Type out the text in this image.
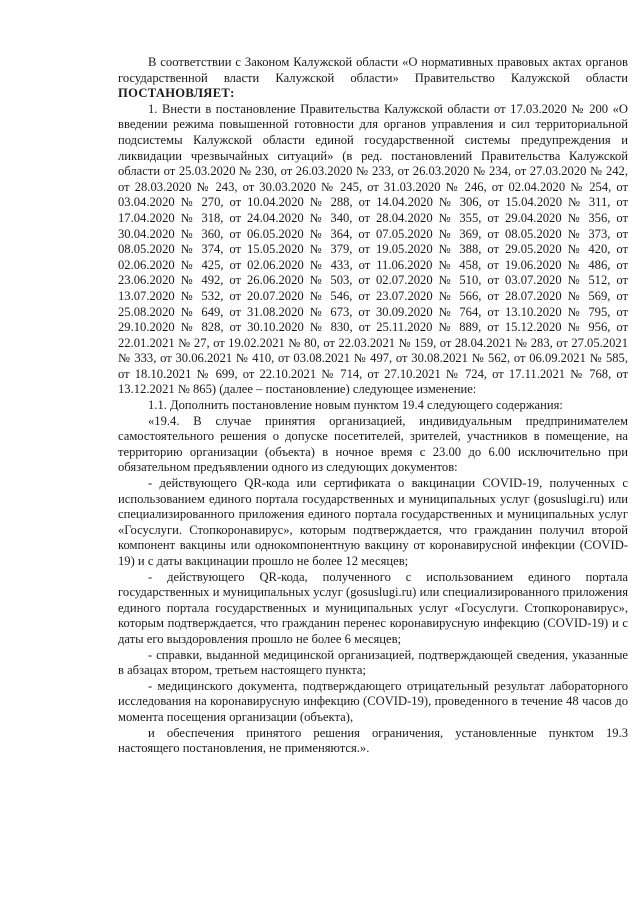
В соответствии с Законом Калужской области «О нормативных правовых актах органов государственной власти Калужской области» Правительство Калужской области ПОСТАНОВЛЯЕТ:

1. Внести в постановление Правительства Калужской области от 17.03.2020 № 200 «О введении режима повышенной готовности для органов управления и сил территориальной подсистемы Калужской области единой государственной системы предупреждения и ликвидации чрезвычайных ситуаций» (в ред. постановлений Правительства Калужской области от 25.03.2020 № 230, от 26.03.2020 № 233, от 26.03.2020 № 234, от 27.03.2020 № 242, от 28.03.2020 № 243, от 30.03.2020 № 245, от 31.03.2020 № 246, от 02.04.2020 № 254, от 03.04.2020 № 270, от 10.04.2020 № 288, от 14.04.2020 № 306, от 15.04.2020 № 311, от 17.04.2020 № 318, от 24.04.2020 № 340, от 28.04.2020 № 355, от 29.04.2020 № 356, от 30.04.2020 № 360, от 06.05.2020 № 364, от 07.05.2020 № 369, от 08.05.2020 № 373, от 08.05.2020 № 374, от 15.05.2020 № 379, от 19.05.2020 № 388, от 29.05.2020 № 420, от 02.06.2020 № 425, от 02.06.2020 № 433, от 11.06.2020 № 458, от 19.06.2020 № 486, от 23.06.2020 № 492, от 26.06.2020 № 503, от 02.07.2020 № 510, от 03.07.2020 № 512, от 13.07.2020 № 532, от 20.07.2020 № 546, от 23.07.2020 № 566, от 28.07.2020 № 569, от 25.08.2020 № 649, от 31.08.2020 № 673, от 30.09.2020 № 764, от 13.10.2020 № 795, от 29.10.2020 № 828, от 30.10.2020 № 830, от 25.11.2020 № 889, от 15.12.2020 № 956, от 22.01.2021 № 27, от 19.02.2021 № 80, от 22.03.2021 № 159, от 28.04.2021 № 283, от 27.05.2021 № 333, от 30.06.2021 № 410, от 03.08.2021 № 497, от 30.08.2021 № 562, от 06.09.2021 № 585, от 18.10.2021 № 699, от 22.10.2021 № 714, от 27.10.2021 № 724, от 17.11.2021 № 768, от 13.12.2021 № 865) (далее – постановление) следующее изменение:

1.1. Дополнить постановление новым пунктом 19.4 следующего содержания:

«19.4. В случае принятия организацией, индивидуальным предпринимателем самостоятельного решения о допуске посетителей, зрителей, участников в помещение, на территорию организации (объекта) в ночное время с 23.00 до 6.00 исключительно при обязательном предъявлении одного из следующих документов:

- действующего QR-кода или сертификата о вакцинации COVID-19, полученных с использованием единого портала государственных и муниципальных услуг (gosuslugi.ru) или специализированного приложения единого портала государственных и муниципальных услуг «Госуслуги. Стопкоронавирус», которым подтверждается, что гражданин получил второй компонент вакцины или однокомпонентную вакцину от коронавирусной инфекции (COVID-19) и с даты вакцинации прошло не более 12 месяцев;

- действующего QR-кода, полученного с использованием единого портала государственных и муниципальных услуг (gosuslugi.ru) или специализированного приложения единого портала государственных и муниципальных услуг «Госуслуги. Стопкоронавирус», которым подтверждается, что гражданин перенес коронавирусную инфекцию (COVID-19) и с даты его выздоровления прошло не более 6 месяцев;

- справки, выданной медицинской организацией, подтверждающей сведения, указанные в абзацах втором, третьем настоящего пункта;

- медицинского документа, подтверждающего отрицательный результат лабораторного исследования на коронавирусную инфекцию (COVID-19), проведенного в течение 48 часов до момента посещения организации (объекта),

и обеспечения принятого решения ограничения, установленные пунктом 19.3 настоящего постановления, не применяются.».
